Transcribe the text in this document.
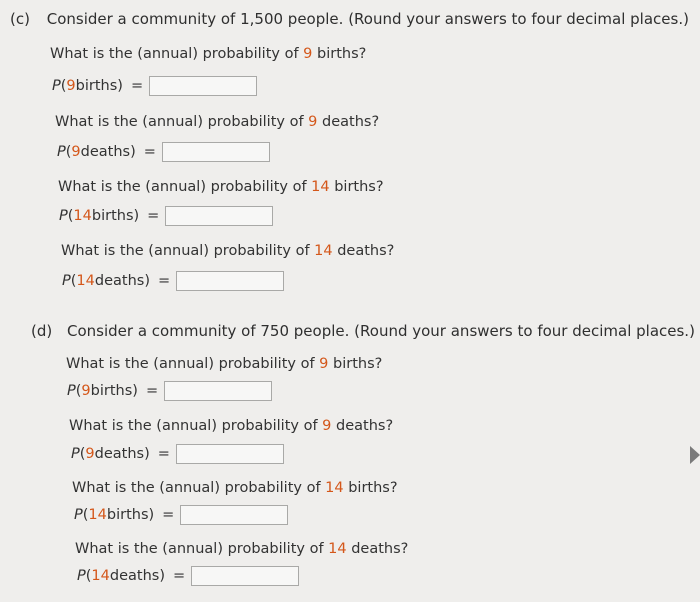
(c) Consider a community of 1,500 people. (Round your answers to four decimal places.)
What is the (annual) probability of 9 births?
P ( 9 births) =
What is the (annual) probability of 9 deaths?
P ( 9 deaths) =
What is the (annual) probability of 14 births?
P ( 14 births) =
What is the (annual) probability of 14 deaths?
P ( 14 deaths) =
(d) Consider a community of 750 people. (Round your answers to four decimal places.)
What is the (annual) probability of 9 births?
P ( 9 births) =
What is the (annual) probability of 9 deaths?
P ( 9 deaths) =
What is the (annual) probability of 14 births?
P ( 14 births) =
What is the (annual) probability of 14 deaths?
P ( 14 deaths) =
